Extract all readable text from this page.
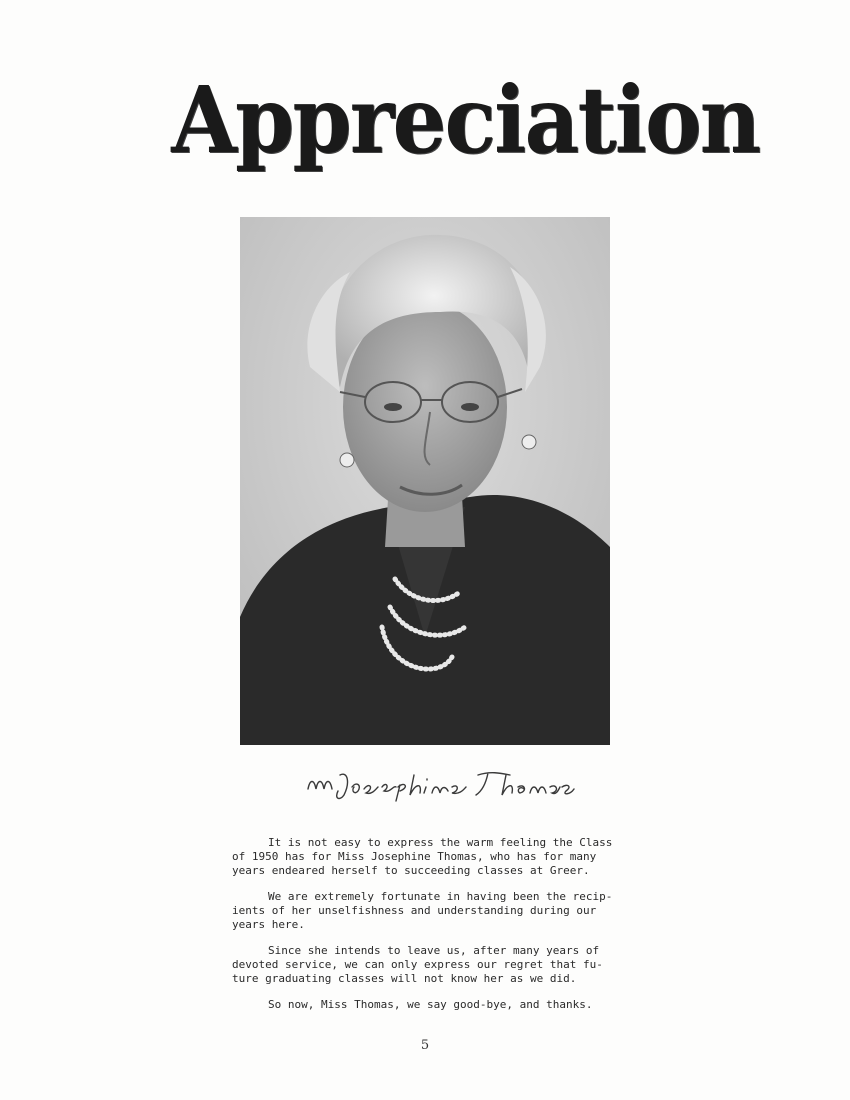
Appreciation

It is not easy to express the warm feeling the Class
of 1950 has for Miss Josephine Thomas, who has for many
years endeared herself to succeeding classes at Greer.

We are extremely fortunate in having been the recip-
ients of her unselfishness and understanding during our
years here.

Since she intends to leave us, after many years of
devoted service, we can only express our regret that fu-
ture graduating classes will not know her as we did.

So now, Miss Thomas, we say good-bye, and thanks.

5
